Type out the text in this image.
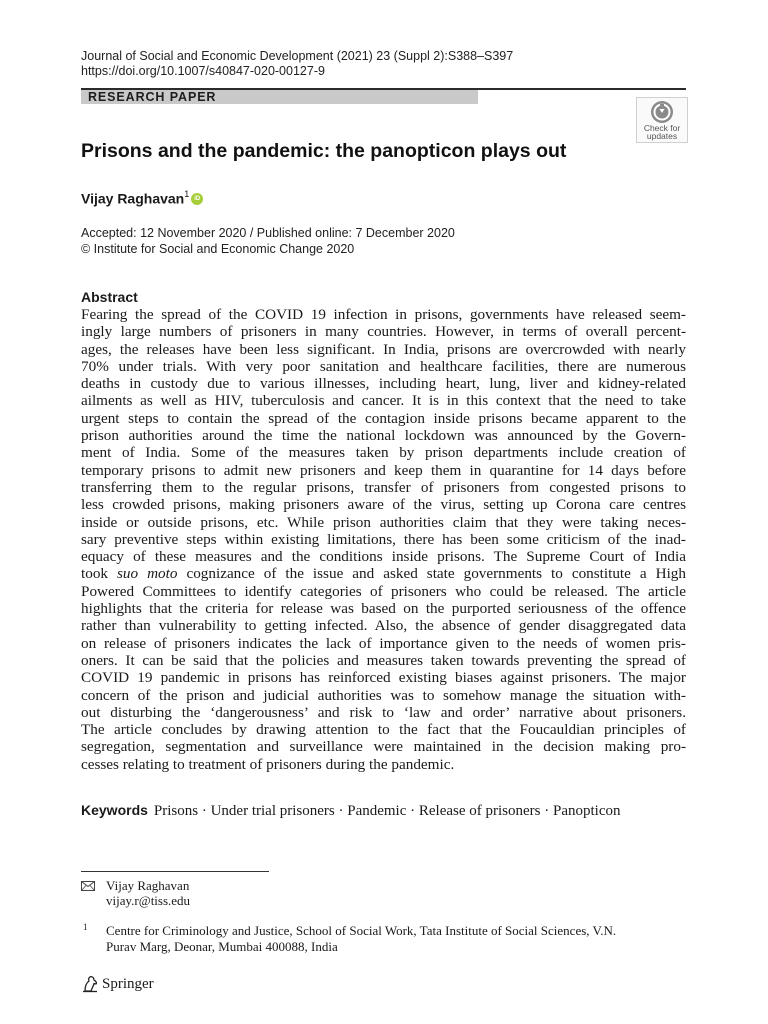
Journal of Social and Economic Development (2021) 23 (Suppl 2):S388–S397
https://doi.org/10.1007/s40847-020-00127-9
RESEARCH PAPER
Check for
updates
Prisons and the pandemic: the panopticon plays out
Vijay Raghavan$^1$ iD
Accepted: 12 November 2020 / Published online: 7 December 2020
© Institute for Social and Economic Change 2020
Abstract
Fearing the spread of the COVID 19 infection in prisons, governments have released seem-
ingly large numbers of prisoners in many countries. However, in terms of overall percent-
ages, the releases have been less significant. In India, prisons are overcrowded with nearly
70% under trials. With very poor sanitation and healthcare facilities, there are numerous
deaths in custody due to various illnesses, including heart, lung, liver and kidney-related
ailments as well as HIV, tuberculosis and cancer. It is in this context that the need to take
urgent steps to contain the spread of the contagion inside prisons became apparent to the
prison authorities around the time the national lockdown was announced by the Govern-
ment of India. Some of the measures taken by prison departments include creation of
temporary prisons to admit new prisoners and keep them in quarantine for 14 days before
transferring them to the regular prisons, transfer of prisoners from congested prisons to
less crowded prisons, making prisoners aware of the virus, setting up Corona care centres
inside or outside prisons, etc. While prison authorities claim that they were taking neces-
sary preventive steps within existing limitations, there has been some criticism of the inad-
equacy of these measures and the conditions inside prisons. The Supreme Court of India
took suo moto cognizance of the issue and asked state governments to constitute a High
Powered Committees to identify categories of prisoners who could be released. The article
highlights that the criteria for release was based on the purported seriousness of the offence
rather than vulnerability to getting infected. Also, the absence of gender disaggregated data
on release of prisoners indicates the lack of importance given to the needs of women pris-
oners. It can be said that the policies and measures taken towards preventing the spread of
COVID 19 pandemic in prisons has reinforced existing biases against prisoners. The major
concern of the prison and judicial authorities was to somehow manage the situation with-
out disturbing the ‘dangerousness’ and risk to ‘law and order’ narrative about prisoners.
The article concludes by drawing attention to the fact that the Foucauldian principles of
segregation, segmentation and surveillance were maintained in the decision making pro-
cesses relating to treatment of prisoners during the pandemic.
Keywords Prisons · Under trial prisoners · Pandemic · Release of prisoners · Panopticon
Vijay Raghavan
vijay.r@tiss.edu
1 Centre for Criminology and Justice, School of Social Work, Tata Institute of Social Sciences, V.N.
Purav Marg, Deonar, Mumbai 400088, India
Springer
